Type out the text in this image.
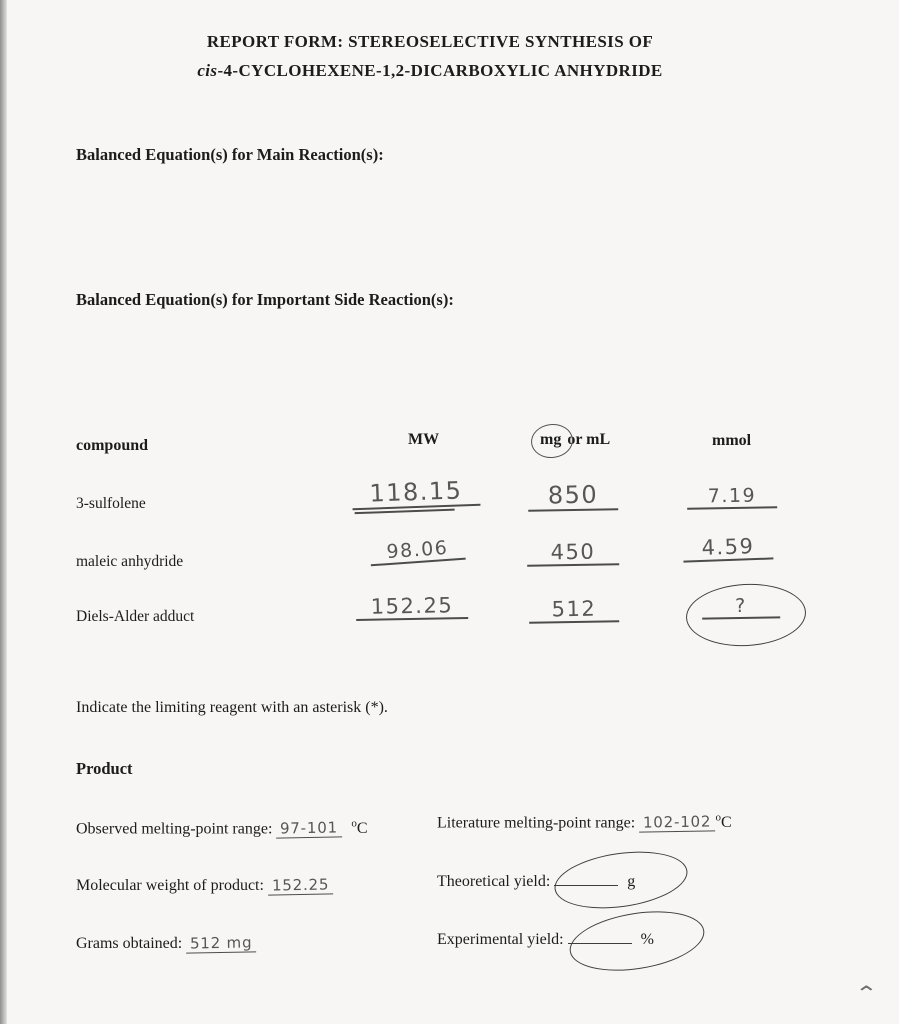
REPORT FORM: STEREOSELECTIVE SYNTHESIS OF
cis-4-CYCLOHEXENE-1,2-DICARBOXYLIC ANHYDRIDE
Balanced Equation(s) for Main Reaction(s):
Balanced Equation(s) for Important Side Reaction(s):
compound	MW	mg or mL	mmol
3-sulfolene	118.15	850	7.19
maleic anhydride	98.06	450	4.59
Diels-Alder adduct	152.25	512	?
Indicate the limiting reagent with an asterisk (*).
Product
Observed melting-point range: 97-101 $^o$C	Literature melting-point range: 102-102 $^o$C
Molecular weight of product: 152.25	Theoretical yield:	g
Grams obtained: 512 mg	Experimental yield:	%
⌃
